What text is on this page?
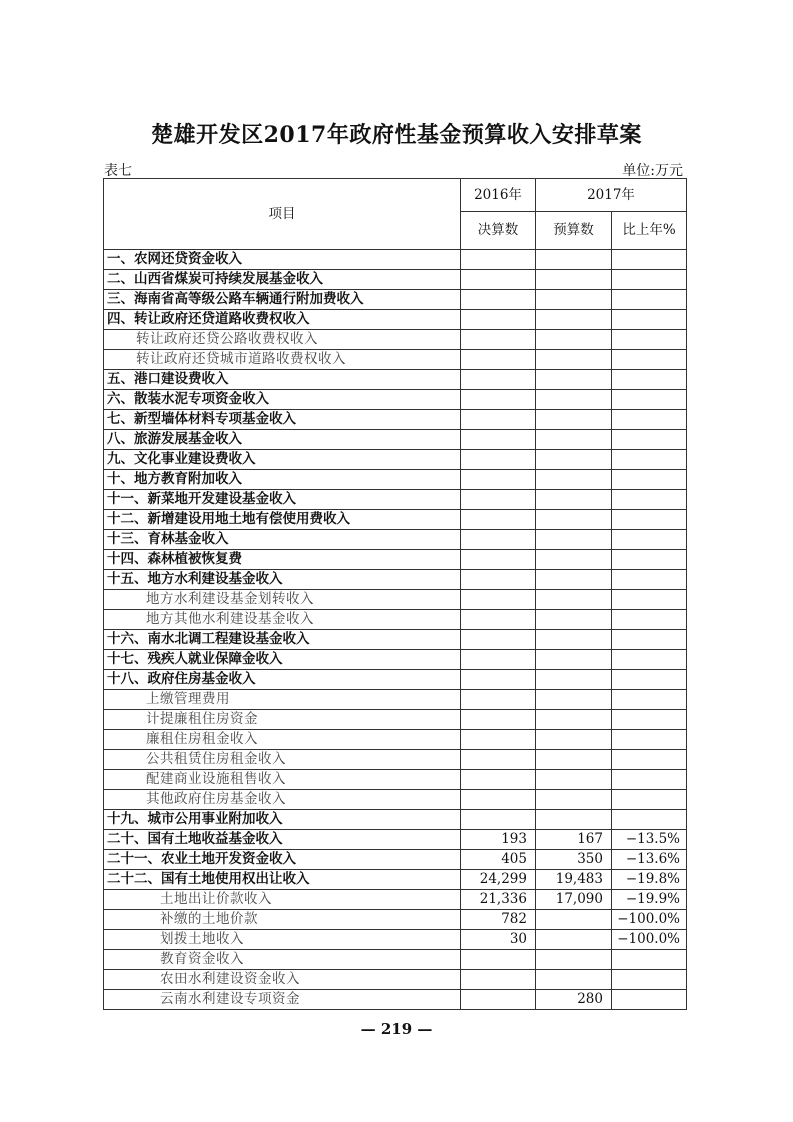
楚雄开发区2017年政府性基金预算收入安排草案
表七	单位:万元
项目	2016年	2017年	
	决算数	预算数	比上年%
一、农网还贷资金收入			
二、山西省煤炭可持续发展基金收入			
三、海南省高等级公路车辆通行附加费收入			
四、转让政府还贷道路收费权收入			
转让政府还贷公路收费权收入			
转让政府还贷城市道路收费权收入			
五、港口建设费收入			
六、散装水泥专项资金收入			
七、新型墙体材料专项基金收入			
八、旅游发展基金收入			
九、文化事业建设费收入			
十、地方教育附加收入			
十一、新菜地开发建设基金收入			
十二、新增建设用地土地有偿使用费收入			
十三、育林基金收入			
十四、森林植被恢复费			
十五、地方水利建设基金收入			
地方水利建设基金划转收入			
地方其他水利建设基金收入			
十六、南水北调工程建设基金收入			
十七、残疾人就业保障金收入			
十八、政府住房基金收入			
上缴管理费用			
计提廉租住房资金			
廉租住房租金收入			
公共租赁住房租金收入			
配建商业设施租售收入			
其他政府住房基金收入			
十九、城市公用事业附加收入			
二十、国有土地收益基金收入	193	167	−13.5%
二十一、农业土地开发资金收入	405	350	−13.6%
二十二、国有土地使用权出让收入	24,299	19,483	−19.8%
土地出让价款收入	21,336	17,090	−19.9%
补缴的土地价款	782		−100.0%
划拨土地收入	30		−100.0%
教育资金收入			
农田水利建设资金收入			
云南水利建设专项资金		280	
— 219 —
